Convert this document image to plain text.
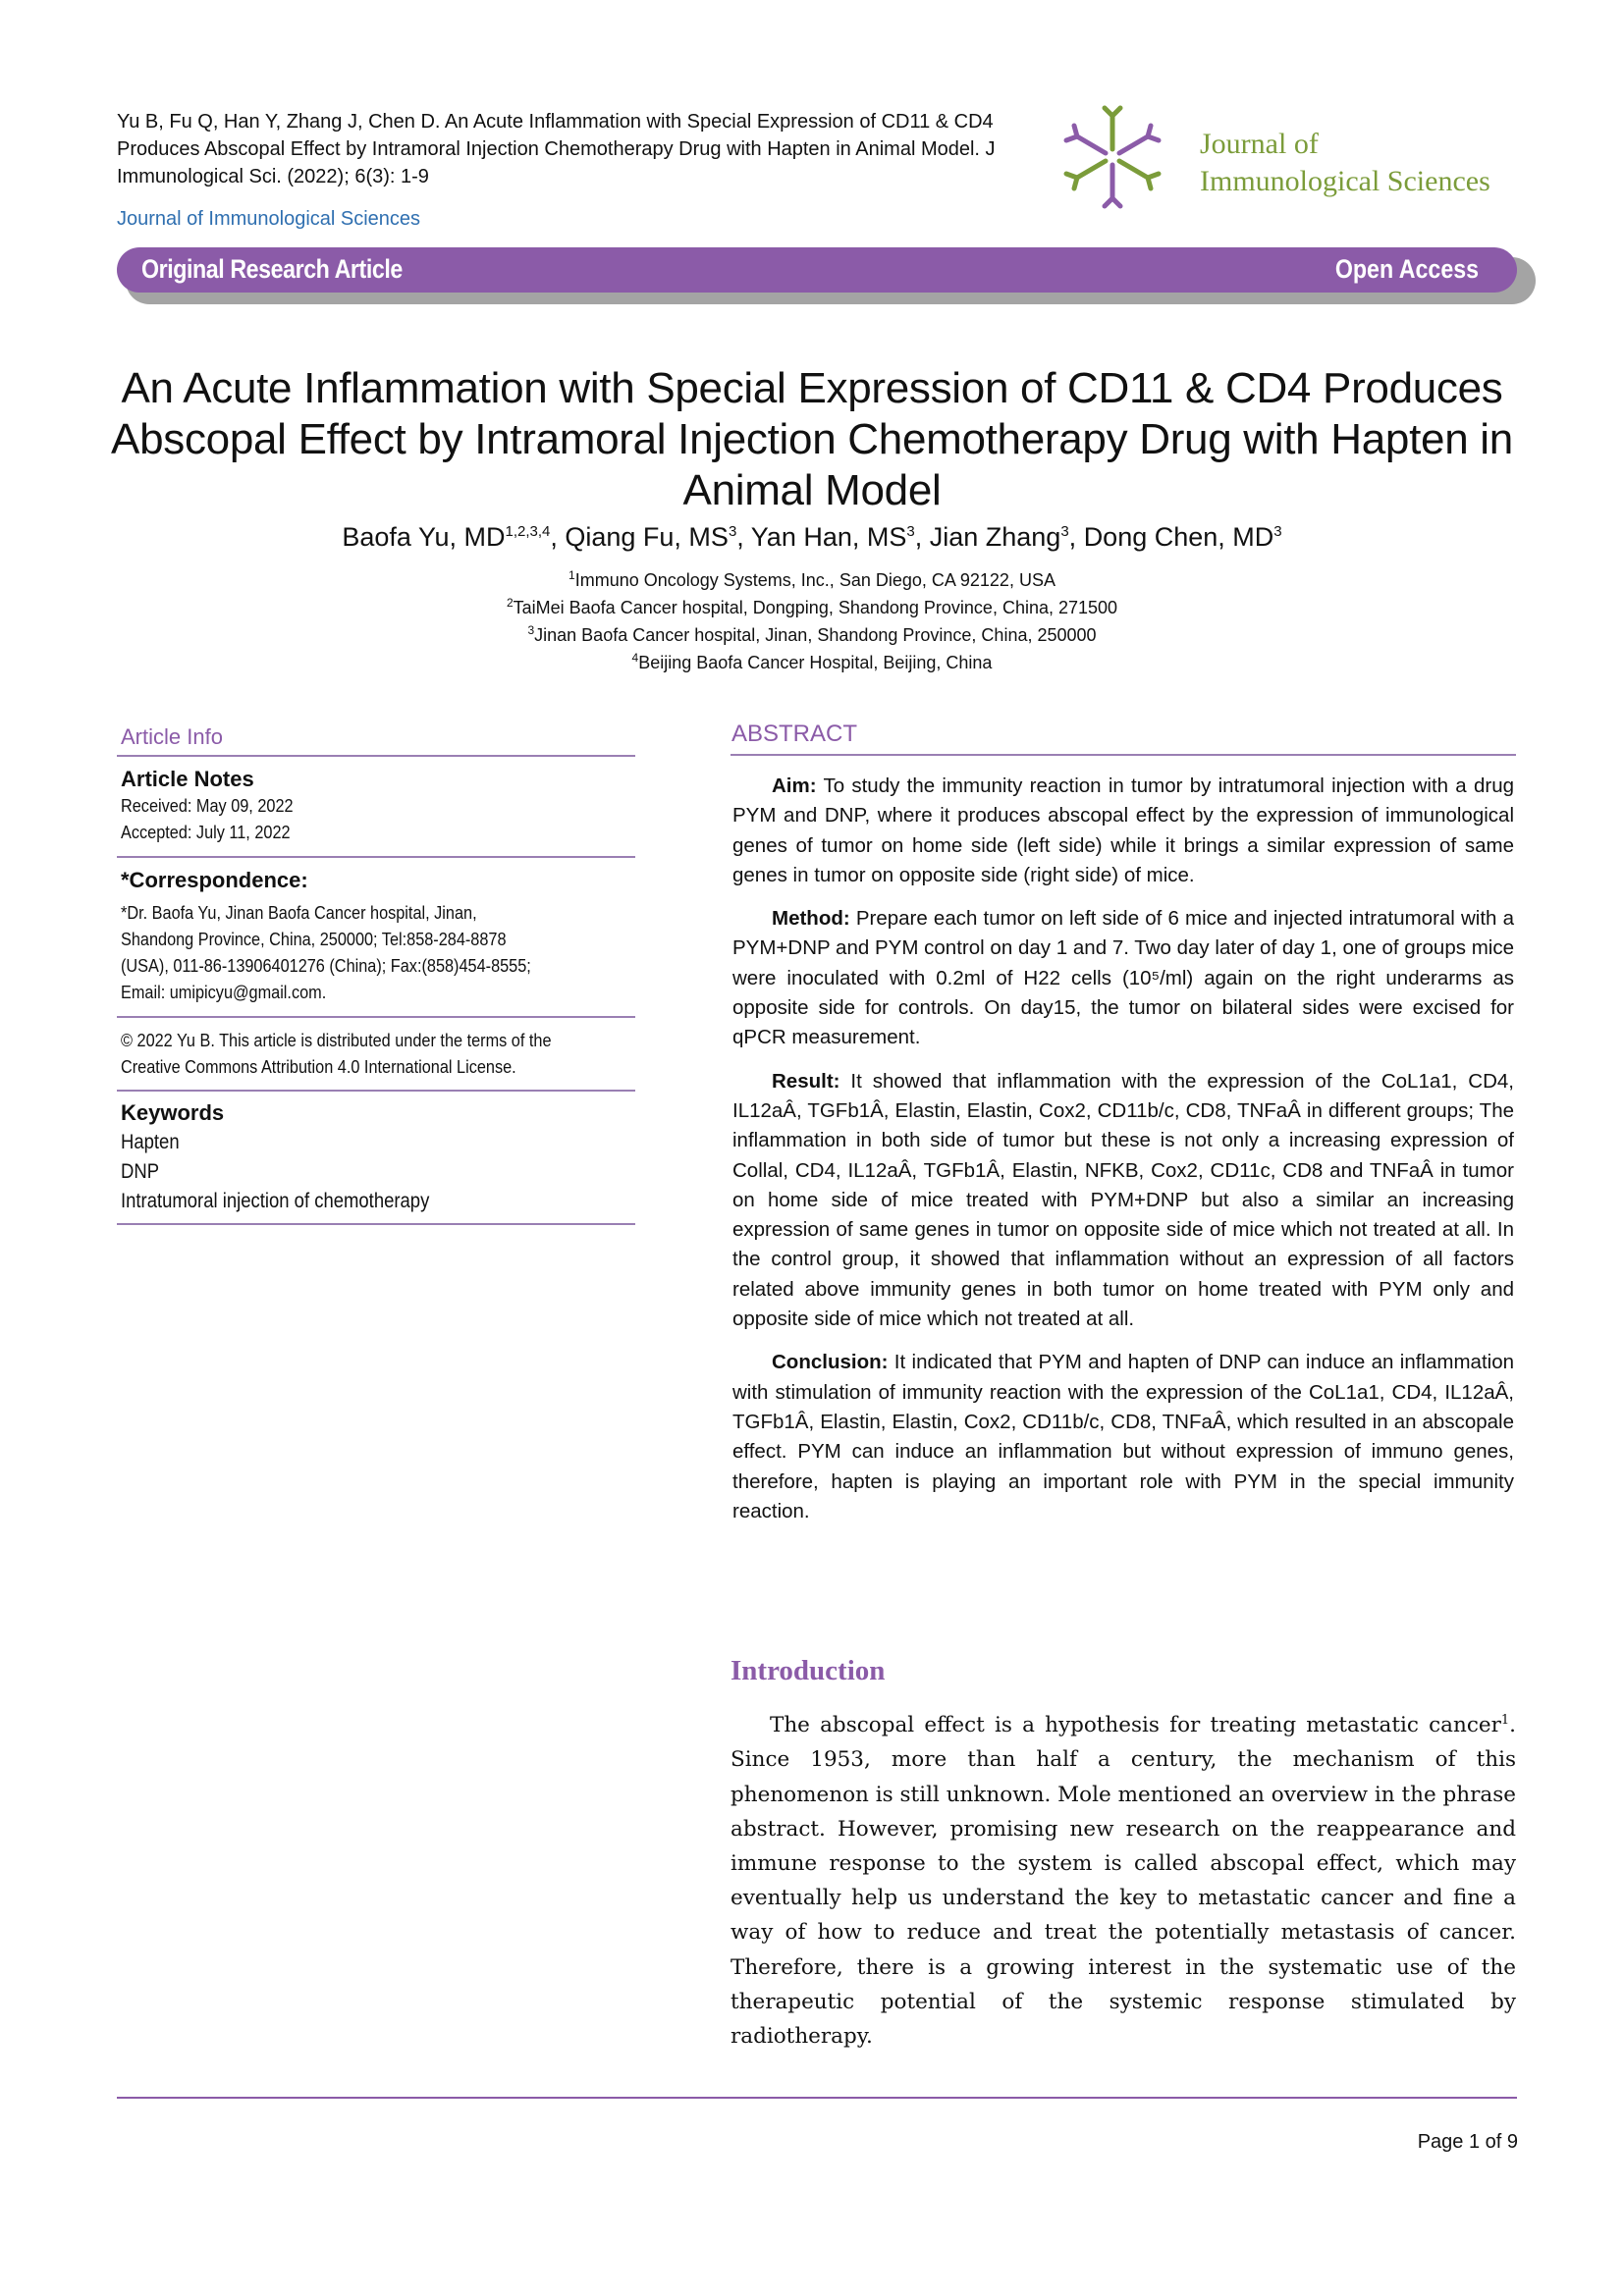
Yu B, Fu Q, Han Y, Zhang J, Chen D. An Acute Inflammation with Special Expression of CD11 & CD4 Produces Abscopal Effect by Intramoral Injection Chemotherapy Drug with Hapten in Animal Model. J Immunological Sci. (2022); 6(3): 1-9
Journal of Immunological Sciences
Journal of
Immunological Sciences
Original Research Article	Open Access
An Acute Inflammation with Special Expression of CD11 & CD4 Produces Abscopal Effect by Intramoral Injection Chemotherapy Drug with Hapten in Animal Model
Baofa Yu, MD$^{1,2,3,4}$, Qiang Fu, $MS^3$, Yan Han, $MS^3$, Jian Zhang$^3$, Dong Chen, $MD^3$
$^1$Immuno Oncology Systems, Inc., San Diego, CA 92122, USA
$^2$TaiMei Baofa Cancer hospital, Dongping, Shandong Province, China, 271500
$^3$Jinan Baofa Cancer hospital, Jinan, Shandong Province, China, 250000
$^4$Beijing Baofa Cancer Hospital, Beijing, China
Article Info
Article Notes
Received: May 09, 2022
Accepted: July 11, 2022
*Correspondence:
*Dr. Baofa Yu, Jinan Baofa Cancer hospital, Jinan,
Shandong Province, China, 250000; Tel:858-284-8878
(USA), 011-86-13906401276 (China); Fax:(858)454-8555;
Email: umipicyu@gmail.com.
© 2022 Yu B. This article is distributed under the terms of the
Creative Commons Attribution 4.0 International License.
Keywords
Hapten
DNP
Intratumoral injection of chemotherapy
ABSTRACT

Aim: To study the immunity reaction in tumor by intratumoral injection with a drug PYM and DNP, where it produces abscopal effect by the expression of immunological genes of tumor on home side (left side) while it brings a similar expression of same genes in tumor on opposite side (right side) of mice.

Method: Prepare each tumor on left side of 6 mice and injected intratumoral with a PYM+DNP and PYM control on day 1 and 7. Two day later of day 1, one of groups mice were inoculated with 0.2ml of H22 cells (10⁵/ml) again on the right underarms as opposite side for controls. On day15, the tumor on bilateral sides were excised for qPCR measurement.

Result: It showed that inflammation with the expression of the CoL1a1, CD4, IL12aÂ, TGFb1Â, Elastin, Elastin, Cox2, CD11b/c, CD8, TNFaÂ in different groups; The inflammation in both side of tumor but these is not only a increasing expression of Collal, CD4, IL12aÂ, TGFb1Â, Elastin, NFKB, Cox2, CD11c, CD8 and TNFaÂ in tumor on home side of mice treated with PYM+DNP but also a similar an increasing expression of same genes in tumor on opposite side of mice which not treated at all. In the control group, it showed that inflammation without an expression of all factors related above immunity genes in both tumor on home treated with PYM only and opposite side of mice which not treated at all.

Conclusion: It indicated that PYM and hapten of DNP can induce an inflammation with stimulation of immunity reaction with the expression of the CoL1a1, CD4, IL12aÂ, TGFb1Â, Elastin, Elastin, Cox2, CD11b/c, CD8, TNFaÂ, which resulted in an abscopale effect. PYM can induce an inflammation but without expression of immuno genes, therefore, hapten is playing an important role with PYM in the special immunity reaction.

Introduction

The abscopal effect is a hypothesis for treating metastatic cancer$^1$. Since 1953, more than half a century, the mechanism of this phenomenon is still unknown. Mole mentioned an overview in the phrase abstract. However, promising new research on the reappearance and immune response to the system is called abscopal effect, which may eventually help us understand the key to metastatic cancer and fine a way of how to reduce and treat the potentially metastasis of cancer. Therefore, there is a growing interest in the systematic use of the therapeutic potential of the systemic response stimulated by radiotherapy.

Page 1 of 9
